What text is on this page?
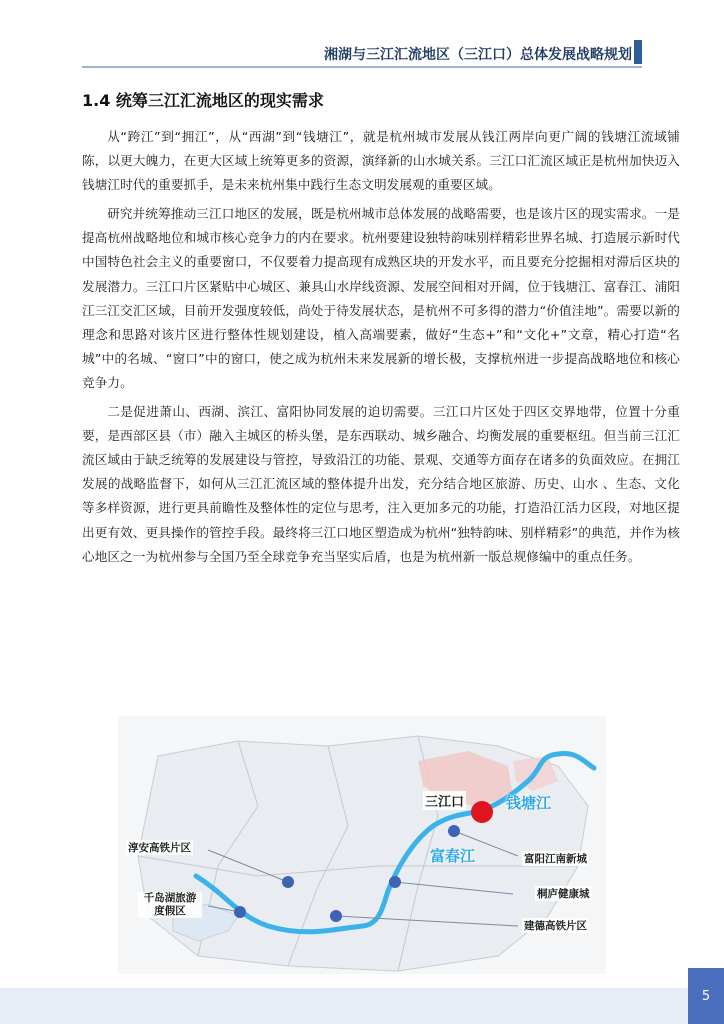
湘湖与三江汇流地区（三江口）总体发展战略规划
1.4 统筹三江汇流地区的现实需求

从“跨江”到“拥江”，从“西湖”到“钱塘江”，就是杭州城市发展从钱江两岸向更广阔的钱塘江流域铺陈，以更大魄力，在更大区域上统筹更多的资源，演绎新的山水城关系。三江口汇流区域正是杭州加快迈入钱塘江时代的重要抓手，是未来杭州集中践行生态文明发展观的重要区域。

研究并统筹推动三江口地区的发展，既是杭州城市总体发展的战略需要，也是该片区的现实需求。一是提高杭州战略地位和城市核心竞争力的内在要求。杭州要建设独特韵味别样精彩世界名城、打造展示新时代中国特色社会主义的重要窗口，不仅要着力提高现有成熟区块的开发水平，而且要充分挖掘相对滞后区块的发展潜力。三江口片区紧贴中心城区、兼具山水岸线资源、发展空间相对开阔，位于钱塘江、富春江、浦阳江三江交汇区域，目前开发强度较低，尚处于待发展状态，是杭州不可多得的潜力“价值洼地”。需要以新的理念和思路对该片区进行整体性规划建设，植入高端要素，做好“生态+”和“文化+”文章，精心打造“名城”中的名城、“窗口”中的窗口，使之成为杭州未来发展新的增长极，支撑杭州进一步提高战略地位和核心竞争力。

二是促进萧山、西湖、滨江、富阳协同发展的迫切需要。三江口片区处于四区交界地带，位置十分重要，是西部区县（市）融入主城区的桥头堡，是东西联动、城乡融合、均衡发展的重要枢纽。但当前三江汇流区域由于缺乏统筹的发展建设与管控，导致沿江的功能、景观、交通等方面存在诸多的负面效应。在拥江发展的战略监督下，如何从三江汇流区域的整体提升出发，充分结合地区旅游、历史、山水 、生态、文化等多样资源，进行更具前瞻性及整体性的定位与思考，注入更加多元的功能，打造沿江活力区段，对地区提出更有效、更具操作的管控手段。最终将三江口地区塑造成为杭州“独特韵味、别样精彩”的典范，并作为核心地区之一为杭州参与全国乃至全球竞争充当坚实后盾，也是为杭州新一版总规修编中的重点任务。

三江口	钱塘江
富春江
淳安高铁片区
千岛湖旅游度假区
富阳江南新城
桐庐健康城
建德高铁片区
5
